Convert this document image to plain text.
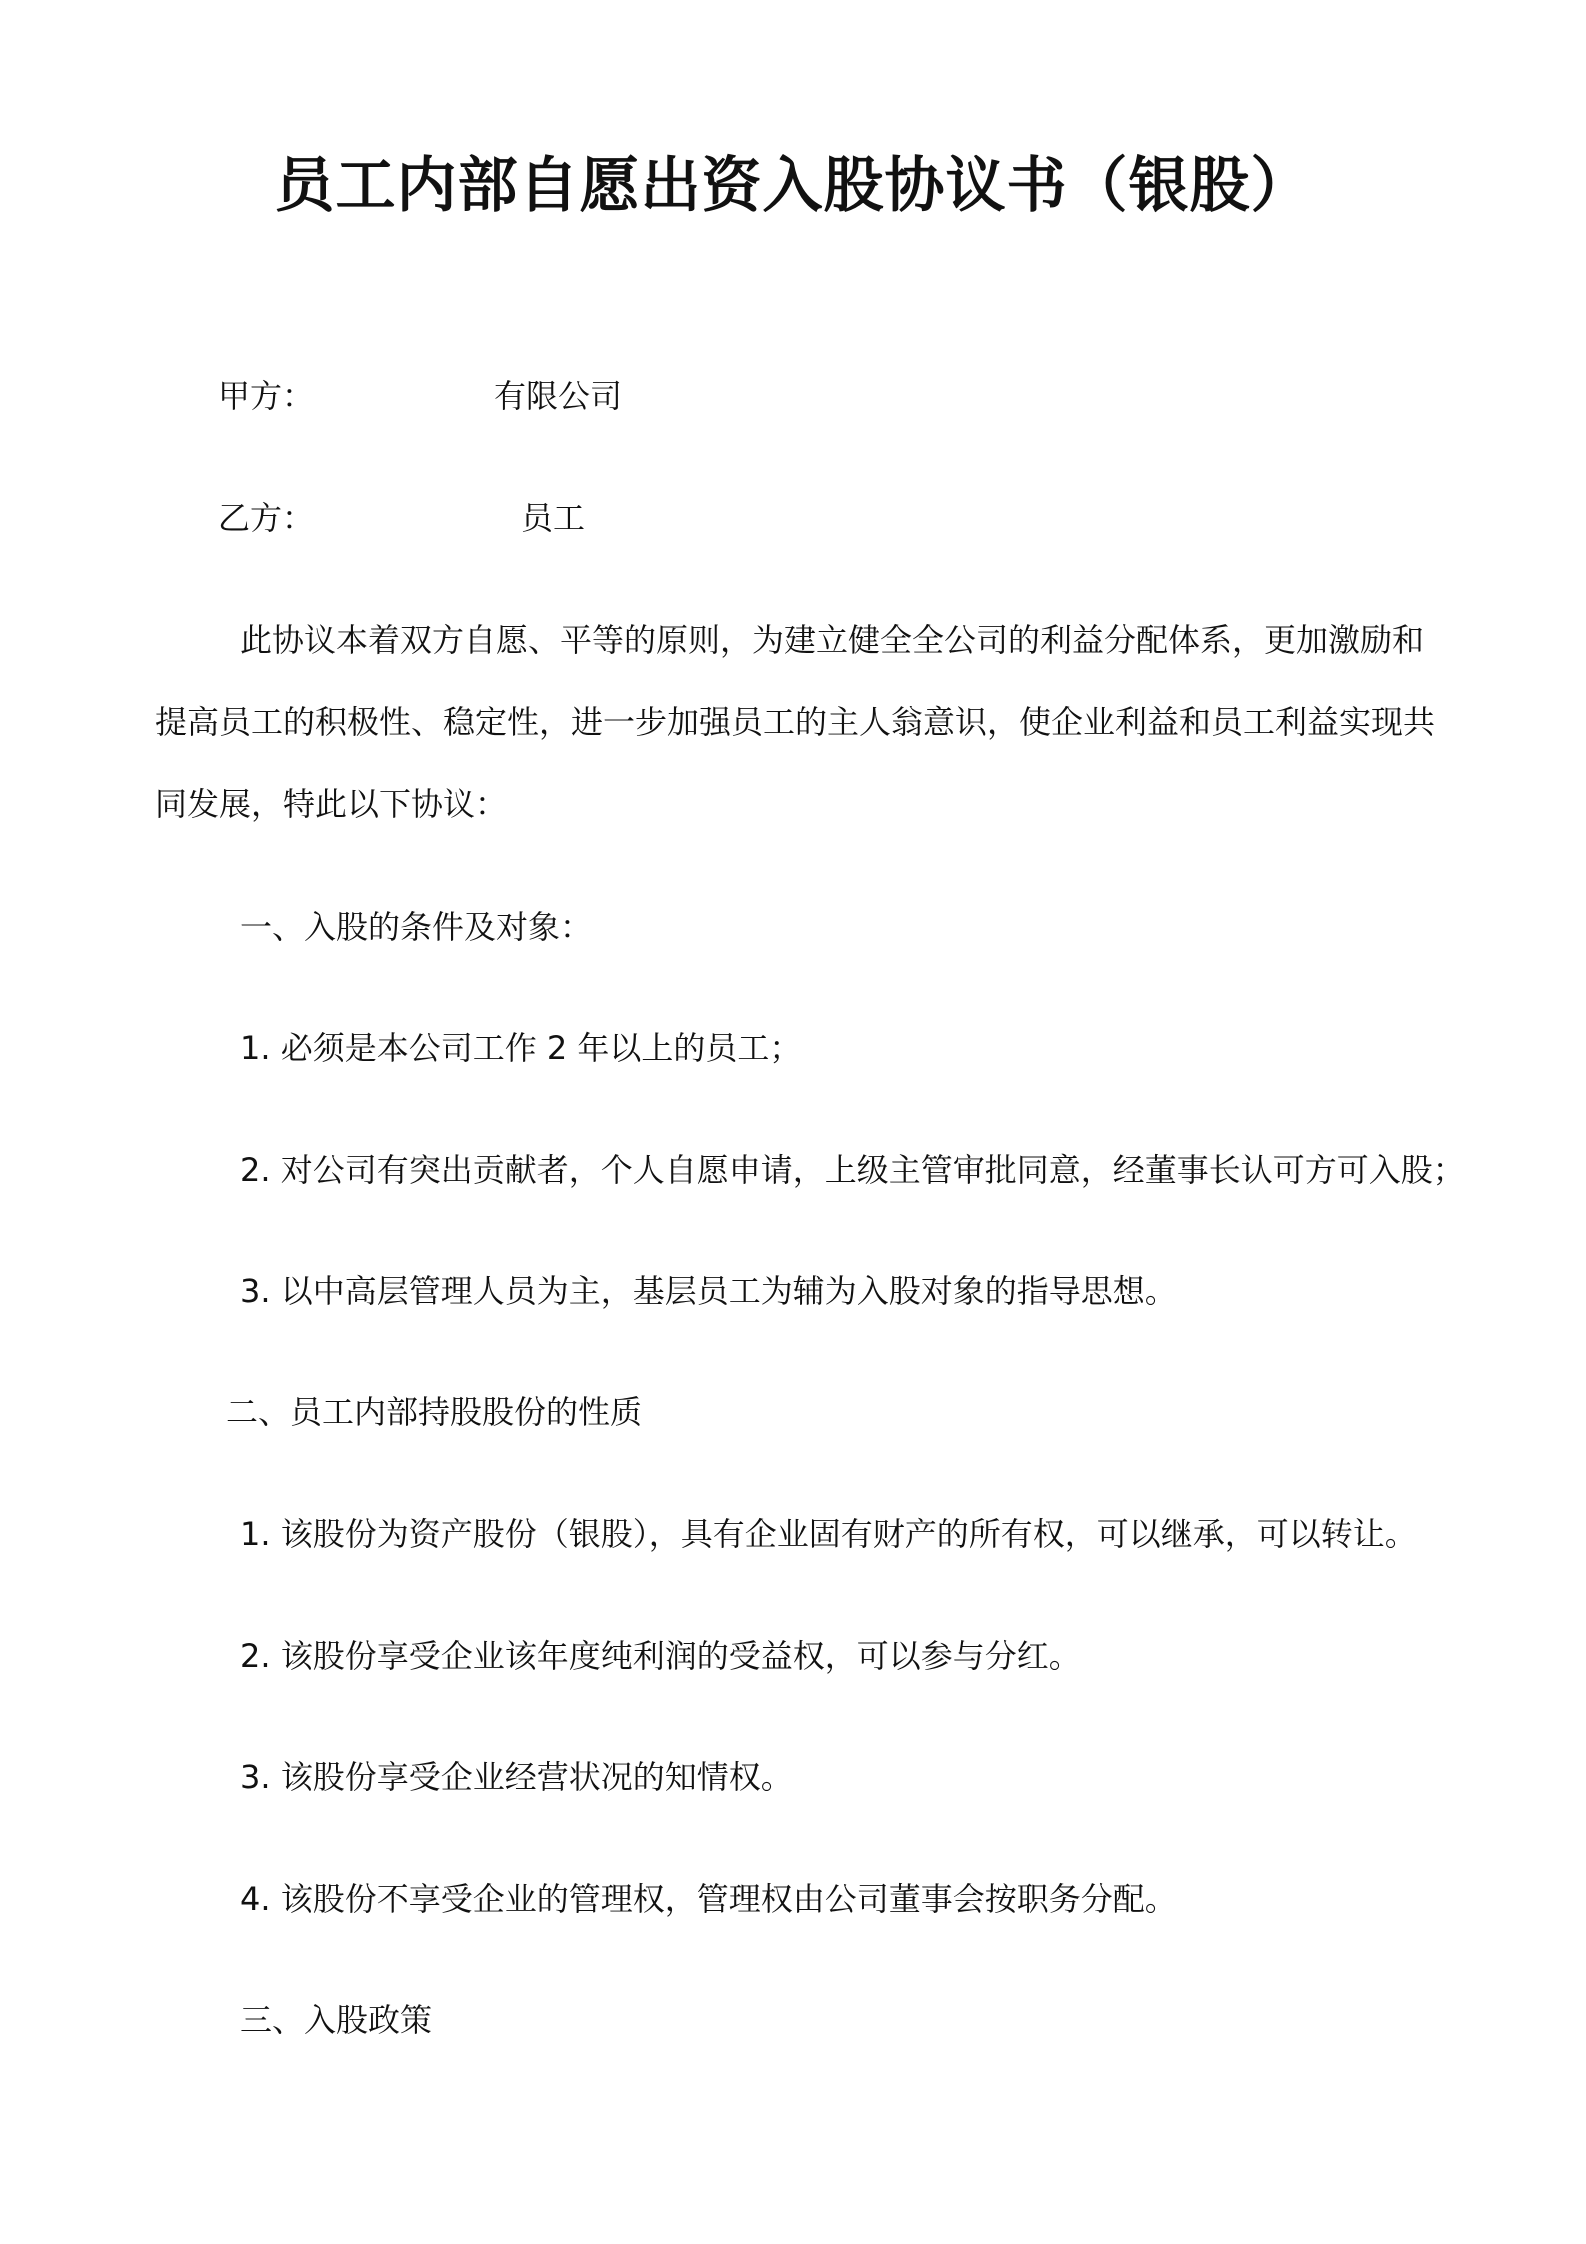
员工内部自愿出资入股协议书（银股）
甲方：	有限公司
乙方：	员工
此协议本着双方自愿、平等的原则，为建立健全全公司的利益分配体系，更加激励和
提高员工的积极性、稳定性，进一步加强员工的主人翁意识，使企业利益和员工利益实现共
同发展，特此以下协议：
一、入股的条件及对象：
1. 必须是本公司工作 2 年以上的员工；
2. 对公司有突出贡献者，个人自愿申请，上级主管审批同意，经董事长认可方可入股；
3. 以中高层管理人员为主，基层员工为辅为入股对象的指导思想。
二、员工内部持股股份的性质
1. 该股份为资产股份（银股），具有企业固有财产的所有权，可以继承，可以转让。
2. 该股份享受企业该年度纯利润的受益权，可以参与分红。
3. 该股份享受企业经营状况的知情权。
4. 该股份不享受企业的管理权，管理权由公司董事会按职务分配。
三、入股政策
